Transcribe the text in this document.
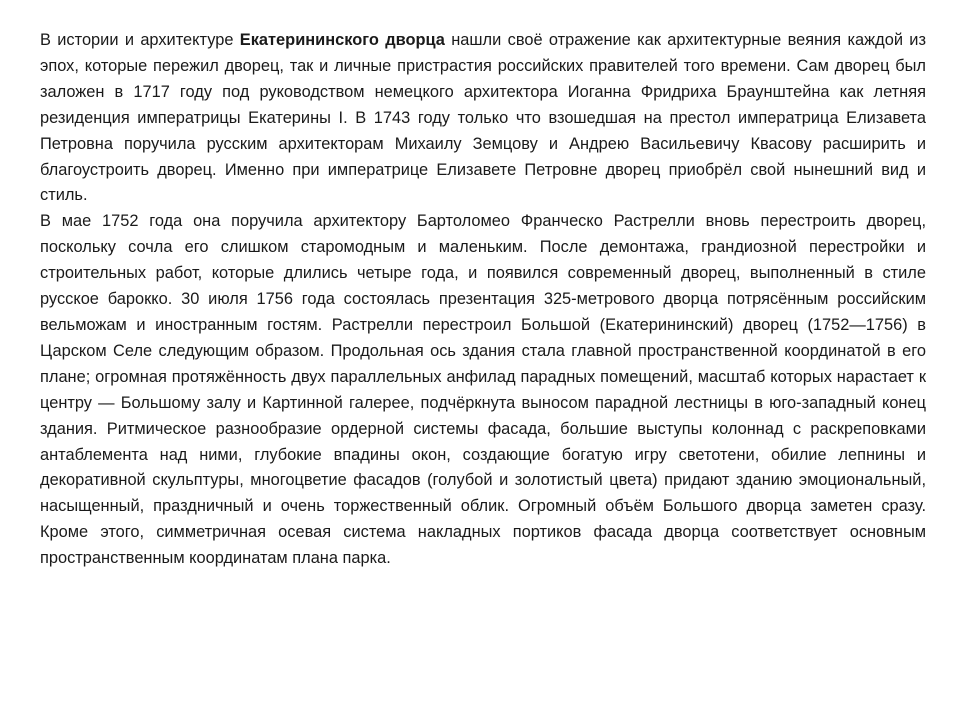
В истории и архитектуре Екатерининского дворца нашли своё отражение как архитектурные веяния каждой из эпох, которые пережил дворец, так и личные пристрастия российских правителей того времени. Сам дворец был заложен в 1717 году под руководством немецкого архитектора Иоганна Фридриха Браунштейна как летняя резиденция императрицы Екатерины I. В 1743 году только что взошедшая на престол императрица Елизавета Петровна поручила русским архитекторам Михаилу Земцову и Андрею Васильевичу Квасову расширить и благоустроить дворец. Именно при императрице Елизавете Петровне дворец приобрёл свой нынешний вид и стиль.

В мае 1752 года она поручила архитектору Бартоломео Франческо Растрелли вновь перестроить дворец, поскольку сочла его слишком старомодным и маленьким. После демонтажа, грандиозной перестройки и строительных работ, которые длились четыре года, и появился современный дворец, выполненный в стиле русское барокко. 30 июля 1756 года состоялась презентация 325-метрового дворца потрясённым российским вельможам и иностранным гостям. Растрелли перестроил Большой (Екатерининский) дворец (1752—1756) в Царском Селе следующим образом. Продольная ось здания стала главной пространственной координатой в его плане; огромная протяжённость двух параллельных анфилад парадных помещений, масштаб которых нарастает к центру — Большому залу и Картинной галерее, подчёркнута выносом парадной лестницы в юго-западный конец здания. Ритмическое разнообразие ордерной системы фасада, большие выступы колоннад с раскреповками антаблемента над ними, глубокие впадины окон, создающие богатую игру светотени, обилие лепнины и декоративной скульптуры, многоцветие фасадов (голубой и золотистый цвета) придают зданию эмоциональный, насыщенный, праздничный и очень торжественный облик. Огромный объём Большого дворца заметен сразу. Кроме этого, симметричная осевая система накладных портиков фасада дворца соответствует основным пространственным координатам плана парка.
